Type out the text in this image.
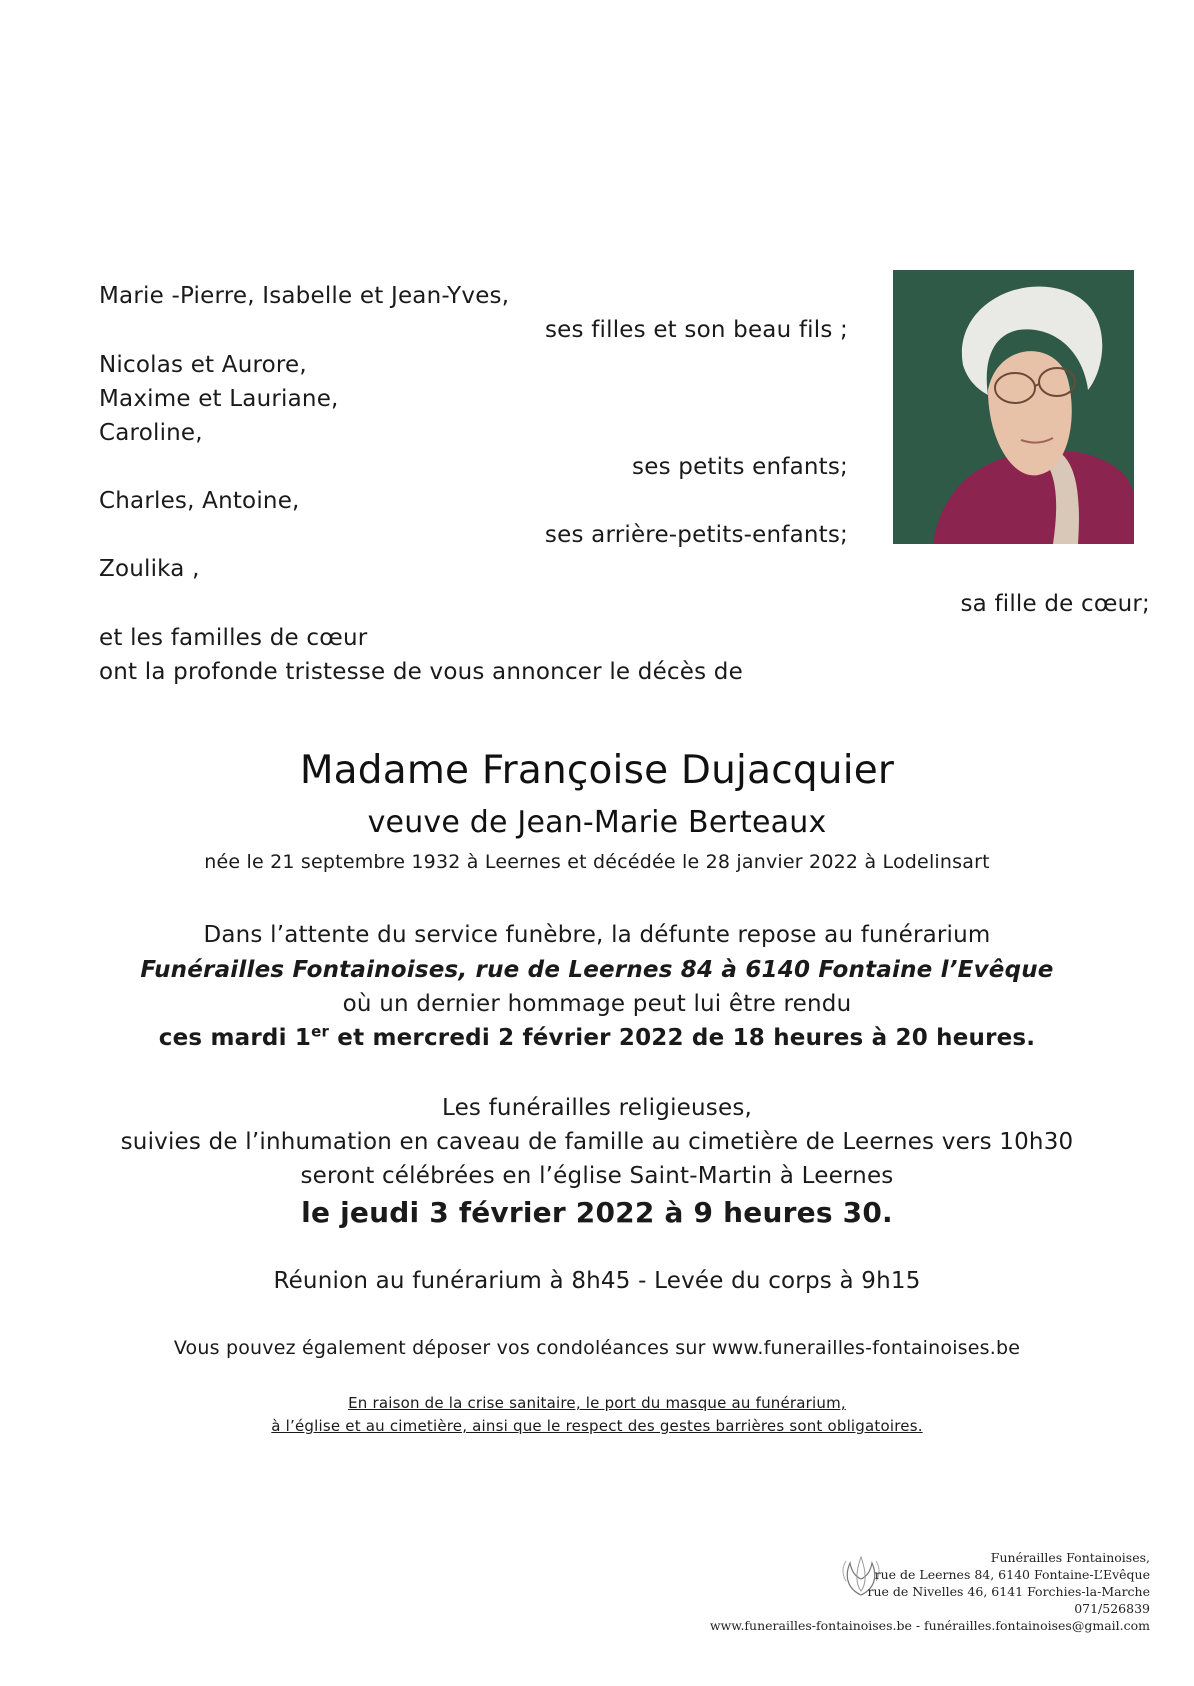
Marie -Pierre, Isabelle et Jean-Yves,
ses filles et son beau fils ;
Nicolas et Aurore,
Maxime et Lauriane,
Caroline,
ses petits enfants;
Charles, Antoine,
ses arrière-petits-enfants;
Zoulika ,
sa fille de cœur;
et les familles de cœur
ont la profonde tristesse de vous annoncer le décès de
Madame Françoise Dujacquier
veuve de Jean-Marie Berteaux
née le 21 septembre 1932 à Leernes et décédée le 28 janvier 2022 à Lodelinsart
Dans l’attente du service funèbre, la défunte repose au funérarium
Funérailles Fontainoises, rue de Leernes 84 à 6140 Fontaine l’Evêque
où un dernier hommage peut lui être rendu
ces mardi 1er et mercredi 2 février 2022 de 18 heures à 20 heures.
Les funérailles religieuses,
suivies de l’inhumation en caveau de famille au cimetière de Leernes vers 10h30
seront célébrées en l’église Saint-Martin à Leernes
le jeudi 3 février 2022 à 9 heures 30.
Réunion au funérarium à 8h45 - Levée du corps à 9h15
Vous pouvez également déposer vos condoléances sur www.funerailles-fontainoises.be
En raison de la crise sanitaire, le port du masque au funérarium,
à l’église et au cimetière, ainsi que le respect des gestes barrières sont obligatoires.
Funérailles Fontainoises,
rue de Leernes 84, 6140 Fontaine-L’Evêque
rue de Nivelles 46, 6141 Forchies-la-Marche
071/526839
www.funerailles-fontainoises.be - funérailles.fontainoises@gmail.com
